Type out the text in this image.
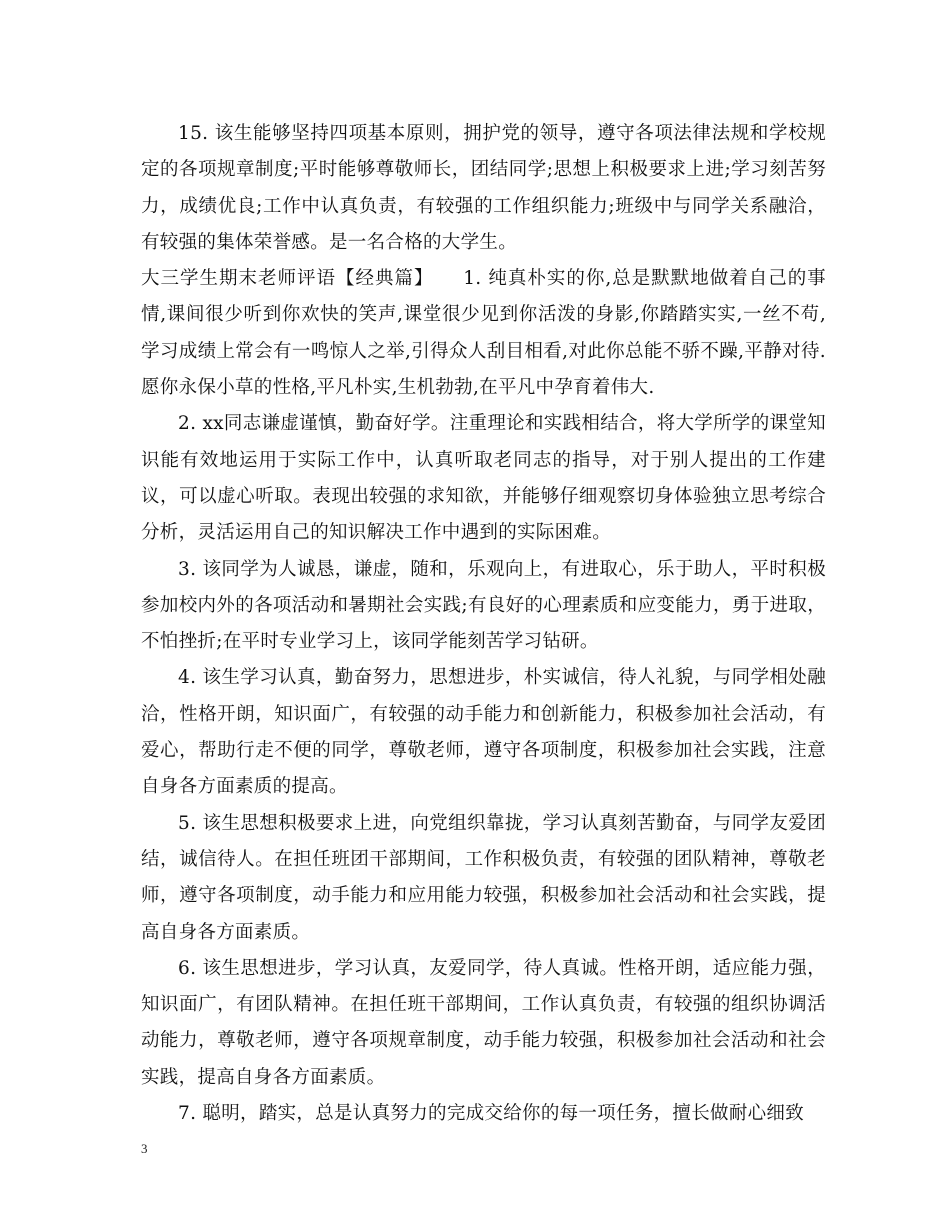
15. 该生能够坚持四项基本原则，拥护党的领导，遵守各项法律法规和学校规定的各项规章制度;平时能够尊敬师长，团结同学;思想上积极要求上进;学习刻苦努力，成绩优良;工作中认真负责，有较强的工作组织能力;班级中与同学关系融洽，有较强的集体荣誉感。是一名合格的大学生。

大三学生期末老师评语【经典篇】　　1. 纯真朴实的你,总是默默地做着自己的事情,课间很少听到你欢快的笑声,课堂很少见到你活泼的身影,你踏踏实实,一丝不苟,学习成绩上常会有一鸣惊人之举,引得众人刮目相看,对此你总能不骄不躁,平静对待.愿你永保小草的性格,平凡朴实,生机勃勃,在平凡中孕育着伟大.

2. xx同志谦虚谨慎，勤奋好学。注重理论和实践相结合，将大学所学的课堂知识能有效地运用于实际工作中，认真听取老同志的指导，对于别人提出的工作建议，可以虚心听取。表现出较强的求知欲，并能够仔细观察切身体验独立思考综合分析，灵活运用自己的知识解决工作中遇到的实际困难。

3. 该同学为人诚恳，谦虚，随和，乐观向上，有进取心，乐于助人，平时积极参加校内外的各项活动和暑期社会实践;有良好的心理素质和应变能力，勇于进取，不怕挫折;在平时专业学习上，该同学能刻苦学习钻研。

4. 该生学习认真，勤奋努力，思想进步，朴实诚信，待人礼貌，与同学相处融洽，性格开朗，知识面广，有较强的动手能力和创新能力，积极参加社会活动，有爱心，帮助行走不便的同学，尊敬老师，遵守各项制度，积极参加社会实践，注意自身各方面素质的提高。

5. 该生思想积极要求上进，向党组织靠拢，学习认真刻苦勤奋，与同学友爱团结，诚信待人。在担任班团干部期间，工作积极负责，有较强的团队精神，尊敬老师，遵守各项制度，动手能力和应用能力较强，积极参加社会活动和社会实践，提高自身各方面素质。

6. 该生思想进步，学习认真，友爱同学，待人真诚。性格开朗，适应能力强，知识面广，有团队精神。在担任班干部期间，工作认真负责，有较强的组织协调活动能力，尊敬老师，遵守各项规章制度，动手能力较强，积极参加社会活动和社会实践，提高自身各方面素质。

7. 聪明，踏实，总是认真努力的完成交给你的每一项任务，擅长做耐心细致

3
